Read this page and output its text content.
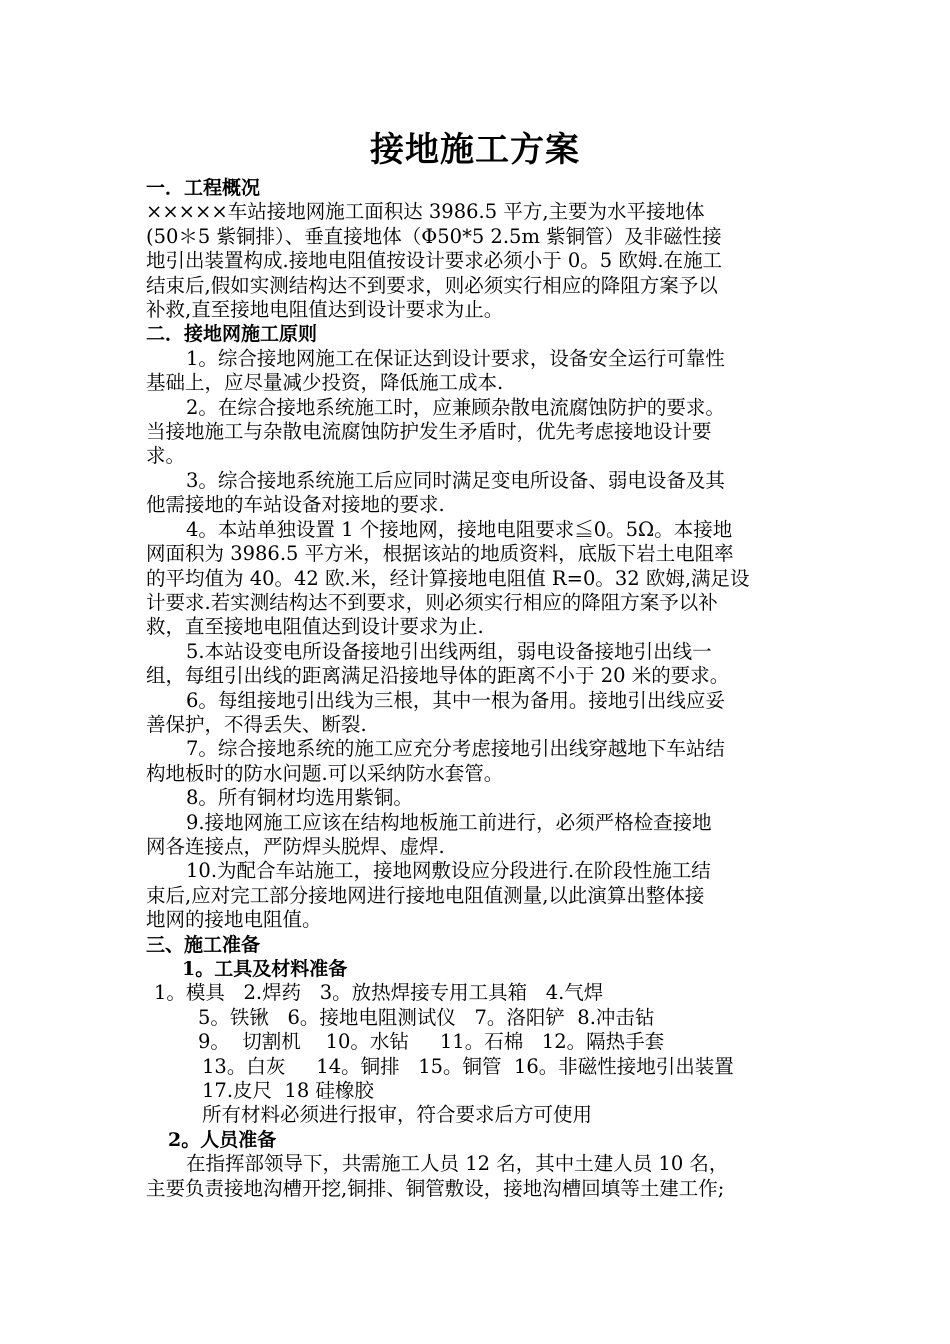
接地施工方案

一．工程概况

×××××车站接地网施工面积达 3986.5 平方,主要为水平接地体

(50＊5 紫铜排）、垂直接地体（Φ50*5 2.5m 紫铜管）及非磁性接

地引出装置构成.接地电阻值按设计要求必须小于 0。5 欧姆.在施工

结束后,假如实测结构达不到要求，则必须实行相应的降阻方案予以

补救,直至接地电阻值达到设计要求为止。

二．接地网施工原则

1。综合接地网施工在保证达到设计要求，设备安全运行可靠性

基础上，应尽量减少投资，降低施工成本.

2。在综合接地系统施工时，应兼顾杂散电流腐蚀防护的要求。

当接地施工与杂散电流腐蚀防护发生矛盾时，优先考虑接地设计要

求。

3。综合接地系统施工后应同时满足变电所设备、弱电设备及其

他需接地的车站设备对接地的要求.

4。本站单独设置 1 个接地网，接地电阻要求≦0。5Ω。本接地

网面积为 3986.5 平方米，根据该站的地质资料，底版下岩土电阻率

的平均值为 40。42 欧.米，经计算接地电阻值 R=0。32 欧姆,满足设

计要求.若实测结构达不到要求，则必须实行相应的降阻方案予以补

救，直至接地电阻值达到设计要求为止.

5.本站设变电所设备接地引出线两组，弱电设备接地引出线一

组，每组引出线的距离满足沿接地导体的距离不小于 20 米的要求。

6。每组接地引出线为三根，其中一根为备用。接地引出线应妥

善保护，不得丢失、断裂.

7。综合接地系统的施工应充分考虑接地引出线穿越地下车站结

构地板时的防水问题.可以采纳防水套管。

8。所有铜材均选用紫铜。

9.接地网施工应该在结构地板施工前进行，必须严格检查接地

网各连接点，严防焊头脱焊、虚焊.

10.为配合车站施工，接地网敷设应分段进行.在阶段性施工结

束后,应对完工部分接地网进行接地电阻值测量,以此演算出整体接

地网的接地电阻值。

三、施工准备

1。工具及材料准备

1。模具   2.焊药   3。放热焊接专用工具箱   4.气焊

5。铁锹   6。接地电阻测试仪   7。洛阳铲  8.冲击钻

9。  切割机    10。水钻     11。石棉   12。隔热手套

13。白灰     14。铜排   15。铜管  16。非磁性接地引出装置

17.皮尺  18 硅橡胶

所有材料必须进行报审，符合要求后方可使用

2。人员准备

在指挥部领导下，共需施工人员 12 名，其中土建人员 10 名，

主要负责接地沟槽开挖,铜排、铜管敷设，接地沟槽回填等土建工作;
